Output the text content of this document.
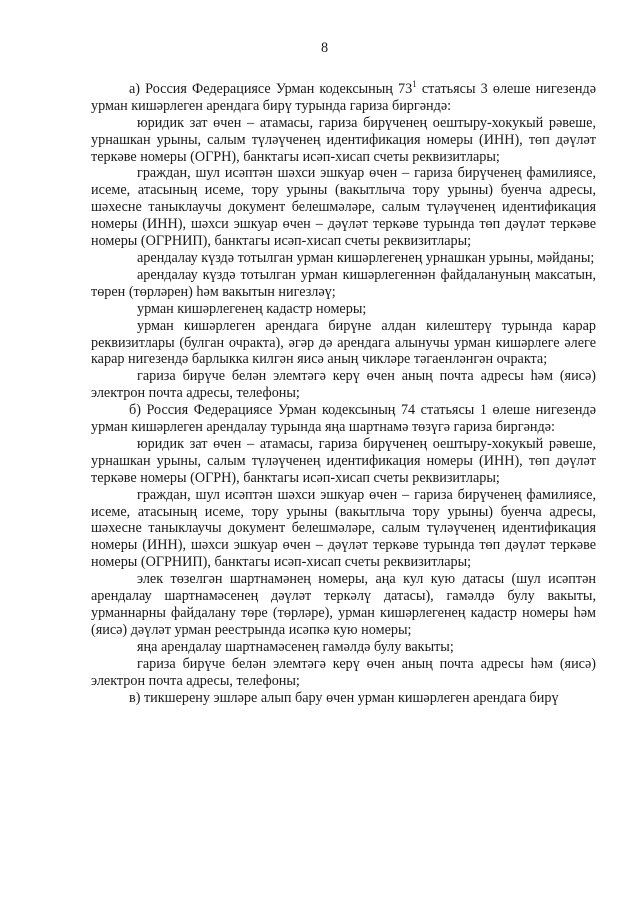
8

а) Россия Федерациясе Урман кодексының $73^1$ статьясы 3 өлеше нигезендә урман кишәрлеген арендага бирү турында гариза биргәндә:

юридик зат өчен – атамасы, гариза бирүченең оештыру-хокукый рәвеше, урнашкан урыны, салым түләүченең идентификация номеры (ИНН), төп дәүләт теркәве номеры (ОГРН), банктагы исәп-хисап счеты реквизитлары;

граждан, шул исәптән шәхси эшкуар өчен – гариза бирүченең фамилиясе, исеме, атасының исеме, тору урыны (вакытлыча тору урыны) буенча адресы, шәхесне таныклаучы документ белешмәләре, салым түләүченең идентификация номеры (ИНН), шәхси эшкуар өчен – дәүләт теркәве турында төп дәүләт теркәве номеры (ОГРНИП), банктагы исәп-хисап счеты реквизитлары;

арендалау күздә тотылган урман кишәрлегенең урнашкан урыны, мәйданы;

арендалау күздә тотылган урман кишәрлегеннән файдалануның максатын, төрен (төрләрен) һәм вакытын нигезләү;

урман кишәрлегенең кадастр номеры;

урман кишәрлеген арендага бирүне алдан килештерү турында карар реквизитлары (булган очракта), әгәр дә арендага алынучы урман кишәрлеге әлеге карар нигезендә барлыкка килгән яисә аның чикләре тәгаенләнгән очракта;

гариза бирүче белән элемтәгә керү өчен аның почта адресы һәм (яисә) электрон почта адресы, телефоны;

б) Россия Федерациясе Урман кодексының 74 статьясы 1 өлеше нигезендә урман кишәрлеген арендалау турында яңа шартнамә төзүгә гариза биргәндә:

юридик зат өчен – атамасы, гариза бирүченең оештыру-хокукый рәвеше, урнашкан урыны, салым түләүченең идентификация номеры (ИНН), төп дәүләт теркәве номеры (ОГРН), банктагы исәп-хисап счеты реквизитлары;

граждан, шул исәптән шәхси эшкуар өчен – гариза бирүченең фамилиясе, исеме, атасының исеме, тору урыны (вакытлыча тору урыны) буенча адресы, шәхесне таныклаучы документ белешмәләре, салым түләүченең идентификация номеры (ИНН), шәхси эшкуар өчен – дәүләт теркәве турында төп дәүләт теркәве номеры (ОГРНИП), банктагы исәп-хисап счеты реквизитлары;

элек төзелгән шартнамәнең номеры, аңа кул кую датасы (шул исәптән арендалау шартнамәсенең дәүләт теркәлү датасы), гамәлдә булу вакыты, урманнарны файдалану төре (төрләре), урман кишәрлегенең кадастр номеры һәм (яисә) дәүләт урман реестрында исәпкә кую номеры;

яңа арендалау шартнамәсенең гамәлдә булу вакыты;

гариза бирүче белән элемтәгә керү өчен аның почта адресы һәм (яисә) электрон почта адресы, телефоны;

в) тикшерену эшләре алып бару өчен урман кишәрлеген арендага бирү
